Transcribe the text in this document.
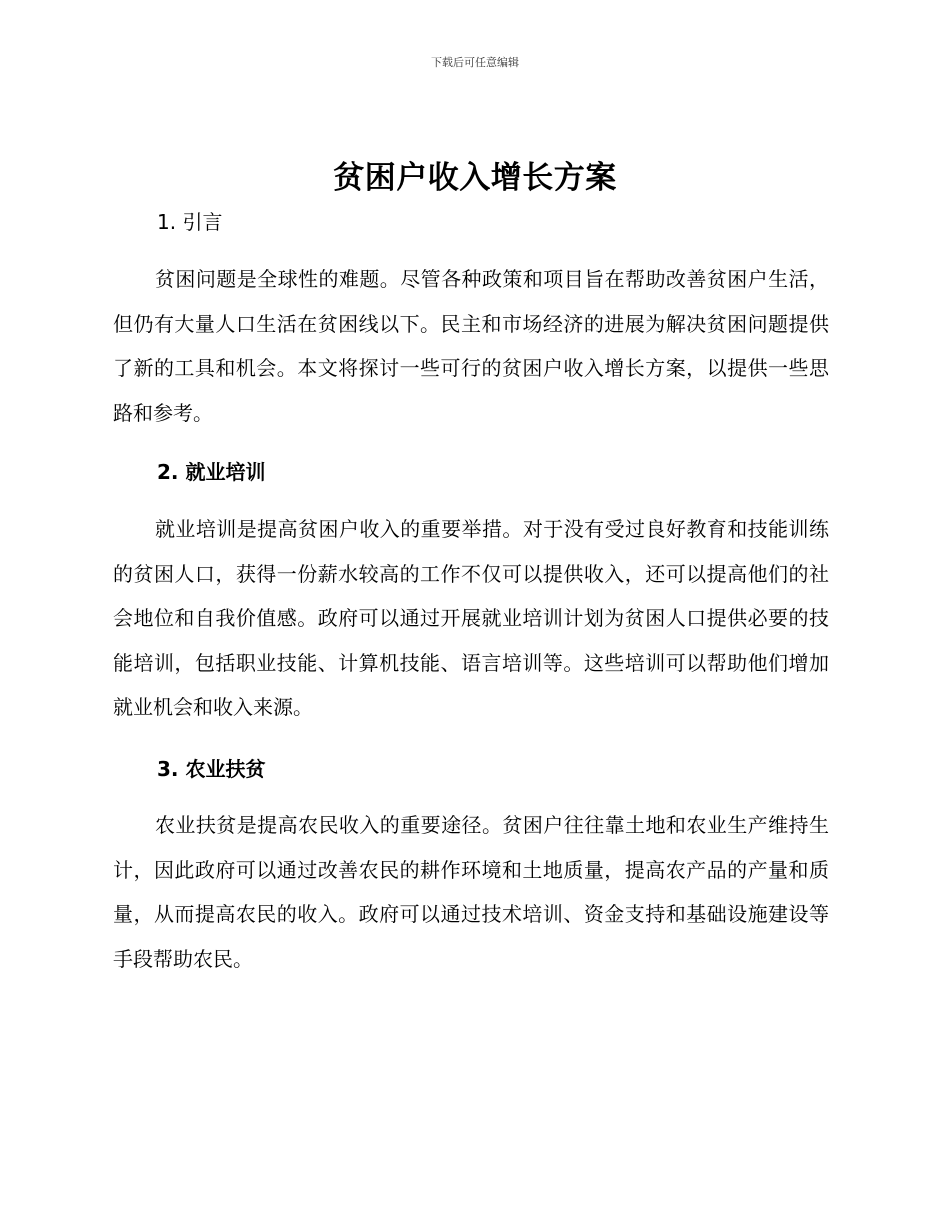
下载后可任意编辑
贫困户收入增长方案
1. 引言

贫困问题是全球性的难题。尽管各种政策和项目旨在帮助改善贫困户生活，但仍有大量人口生活在贫困线以下。民主和市场经济的进展为解决贫困问题提供了新的工具和机会。本文将探讨一些可行的贫困户收入增长方案，以提供一些思路和参考。

2. 就业培训

就业培训是提高贫困户收入的重要举措。对于没有受过良好教育和技能训练的贫困人口，获得一份薪水较高的工作不仅可以提供收入，还可以提高他们的社会地位和自我价值感。政府可以通过开展就业培训计划为贫困人口提供必要的技能培训，包括职业技能、计算机技能、语言培训等。这些培训可以帮助他们增加就业机会和收入来源。

3. 农业扶贫

农业扶贫是提高农民收入的重要途径。贫困户往往靠土地和农业生产维持生计，因此政府可以通过改善农民的耕作环境和土地质量，提高农产品的产量和质量，从而提高农民的收入。政府可以通过技术培训、资金支持和基础设施建设等手段帮助农民。
